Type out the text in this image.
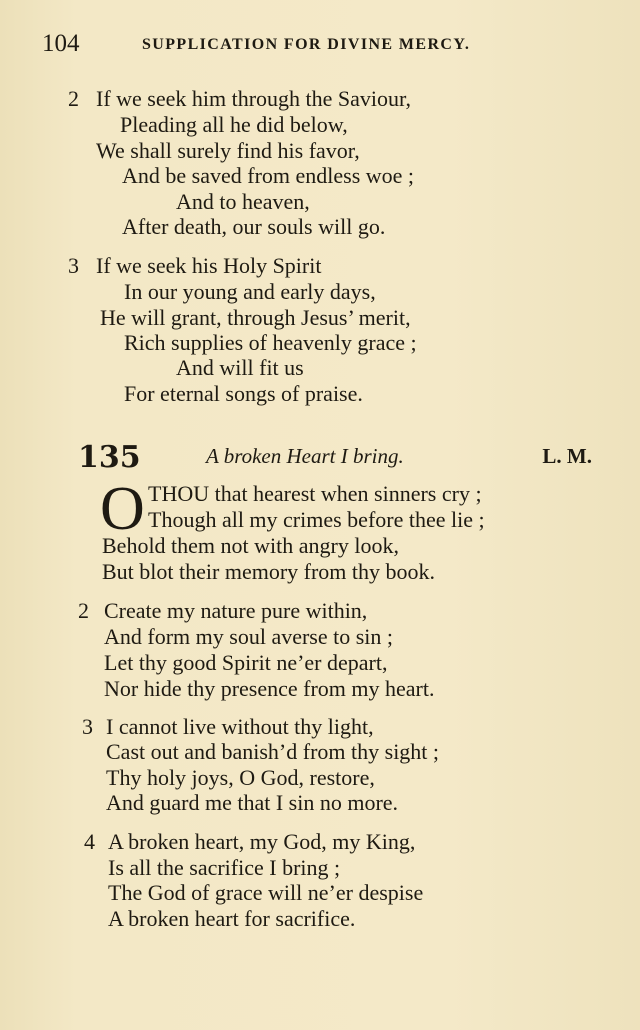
104	SUPPLICATION FOR DIVINE MERCY.
2 If we seek him through the Saviour,
Pleading all he did below,
We shall surely find his favor,
And be saved from endless woe ;
And to heaven,
After death, our souls will go.
3 If we seek his Holy Spirit
In our young and early days,
He will grant, through Jesus’ merit,
Rich supplies of heavenly grace ;
And will fit us
For eternal songs of praise.
135	A broken Heart I bring.	L. M.
O THOU that hearest when sinners cry ;
Though all my crimes before thee lie ;
Behold them not with angry look,
But blot their memory from thy book.
2 Create my nature pure within,
And form my soul averse to sin ;
Let thy good Spirit ne’er depart,
Nor hide thy presence from my heart.
3 I cannot live without thy light,
Cast out and banish’d from thy sight ;
Thy holy joys, O God, restore,
And guard me that I sin no more.
4 A broken heart, my God, my King,
Is all the sacrifice I bring ;
The God of grace will ne’er despise
A broken heart for sacrifice.
